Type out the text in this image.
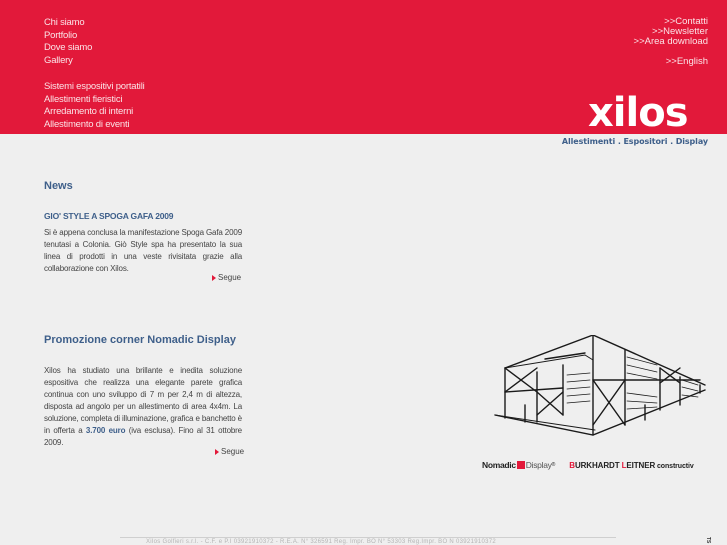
Chi siamo
Portfolio
Dove siamo
Gallery
Sistemi espositivi portatili
Allestimenti fieristici
Arredamento di interni
Allestimento di eventi
>>Contatti
>>Newsletter
>>Area download
>>English
xilos
Allestimenti . Espositori . Display
News
GIO' STYLE A SPOGA GAFA 2009
Si è appena conclusa la manifestazione Spoga Gafa 2009 tenutasi a Colonia. Giò Style spa ha presentato la sua linea di prodotti in una veste rivisitata grazie alla collaborazione con Xilos.
Segue
Promozione corner Nomadic Display
Xilos ha studiato una brillante e inedita soluzione espositiva che realizza una elegante parete grafica continua con uno sviluppo di 7 m per 2,4 m di altezza, disposta ad angolo per un allestimento di area 4x4m. La soluzione, completa di illuminazione, grafica e banchetto è in offerta a 3.700 euro (iva esclusa). Fino al 31 ottobre 2009.
Segue
Nomadic Display ® BURKHARDT LEITNER constructiv
Xilos Golfieri s.r.l. - C.F. e P.I 03921910372 - R.E.A. N° 326591 Reg. Impr. BO N° 53303 Reg.Impr. BO N 03921910372	TS
